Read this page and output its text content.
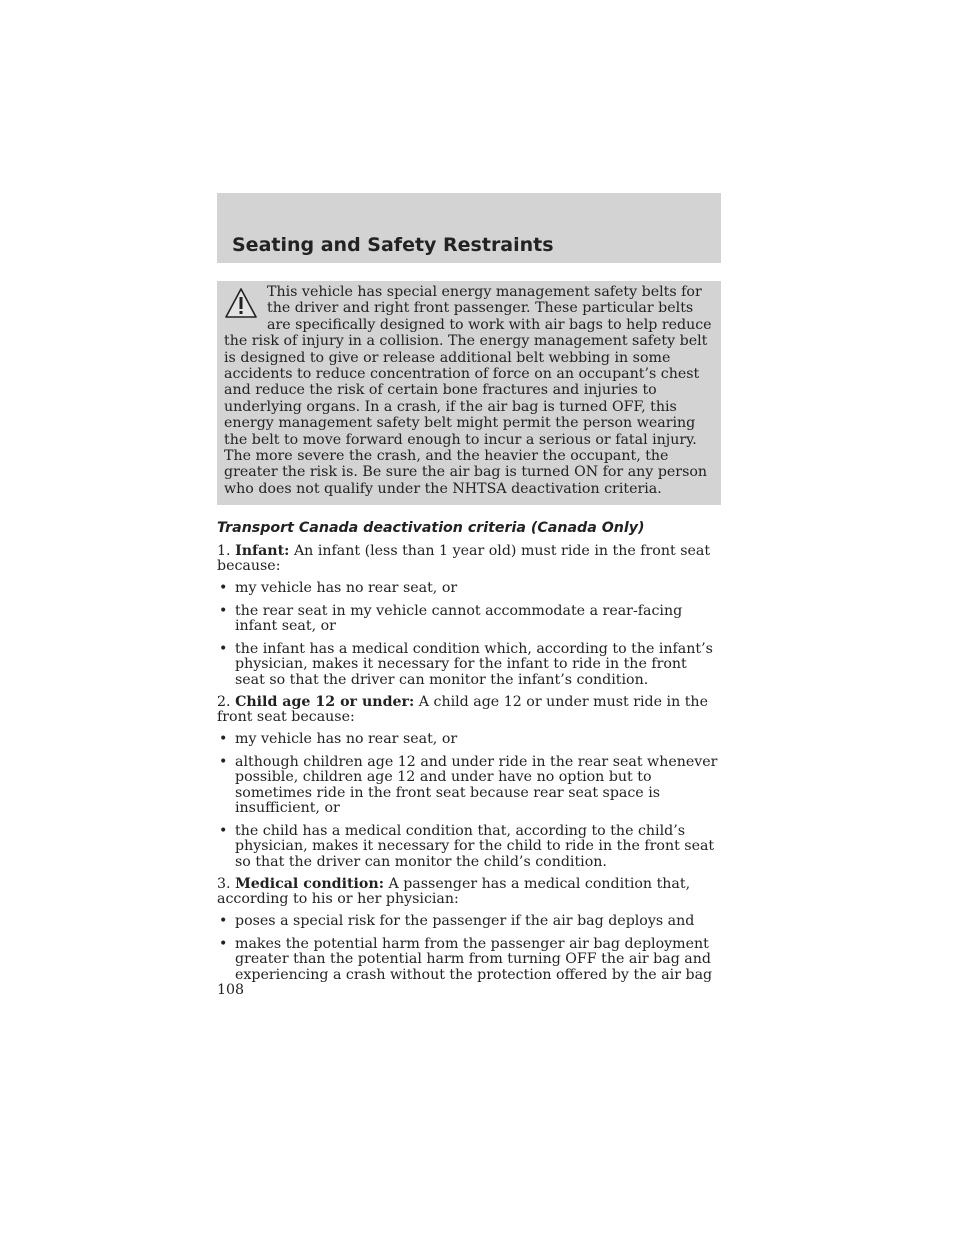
Seating and Safety Restraints

This vehicle has special energy management safety belts for the driver and right front passenger. These particular belts are specifically designed to work with air bags to help reduce the risk of injury in a collision. The energy management safety belt is designed to give or release additional belt webbing in some accidents to reduce concentration of force on an occupant’s chest and reduce the risk of certain bone fractures and injuries to underlying organs. In a crash, if the air bag is turned OFF, this energy management safety belt might permit the person wearing the belt to move forward enough to incur a serious or fatal injury. The more severe the crash, and the heavier the occupant, the greater the risk is. Be sure the air bag is turned ON for any person who does not qualify under the NHTSA deactivation criteria.

Transport Canada deactivation criteria (Canada Only)

1. Infant: An infant (less than 1 year old) must ride in the front seat because:

• my vehicle has no rear seat, or
• the rear seat in my vehicle cannot accommodate a rear-facing infant seat, or
• the infant has a medical condition which, according to the infant’s physician, makes it necessary for the infant to ride in the front seat so that the driver can monitor the infant’s condition.

2. Child age 12 or under: A child age 12 or under must ride in the front seat because:

• my vehicle has no rear seat, or
• although children age 12 and under ride in the rear seat whenever possible, children age 12 and under have no option but to sometimes ride in the front seat because rear seat space is insufficient, or
• the child has a medical condition that, according to the child’s physician, makes it necessary for the child to ride in the front seat so that the driver can monitor the child’s condition.

3. Medical condition: A passenger has a medical condition that, according to his or her physician:

• poses a special risk for the passenger if the air bag deploys and
• makes the potential harm from the passenger air bag deployment greater than the potential harm from turning OFF the air bag and experiencing a crash without the protection offered by the air bag
108
